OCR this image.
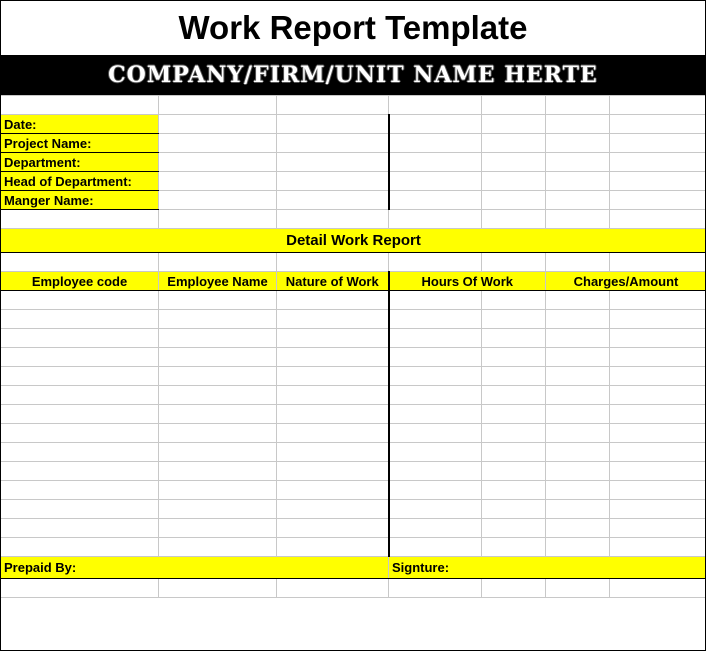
Work Report Template
COMPANY/FIRM/UNIT NAME HERTE

Date:						
Project Name:						
Department:						
Head of Department:						
Manger Name:						

Detail Work Report						

Employee code	Employee Name	Nature of Work	Hours Of Work		Charges/Amount	

Prepaid By:			Signture:			
